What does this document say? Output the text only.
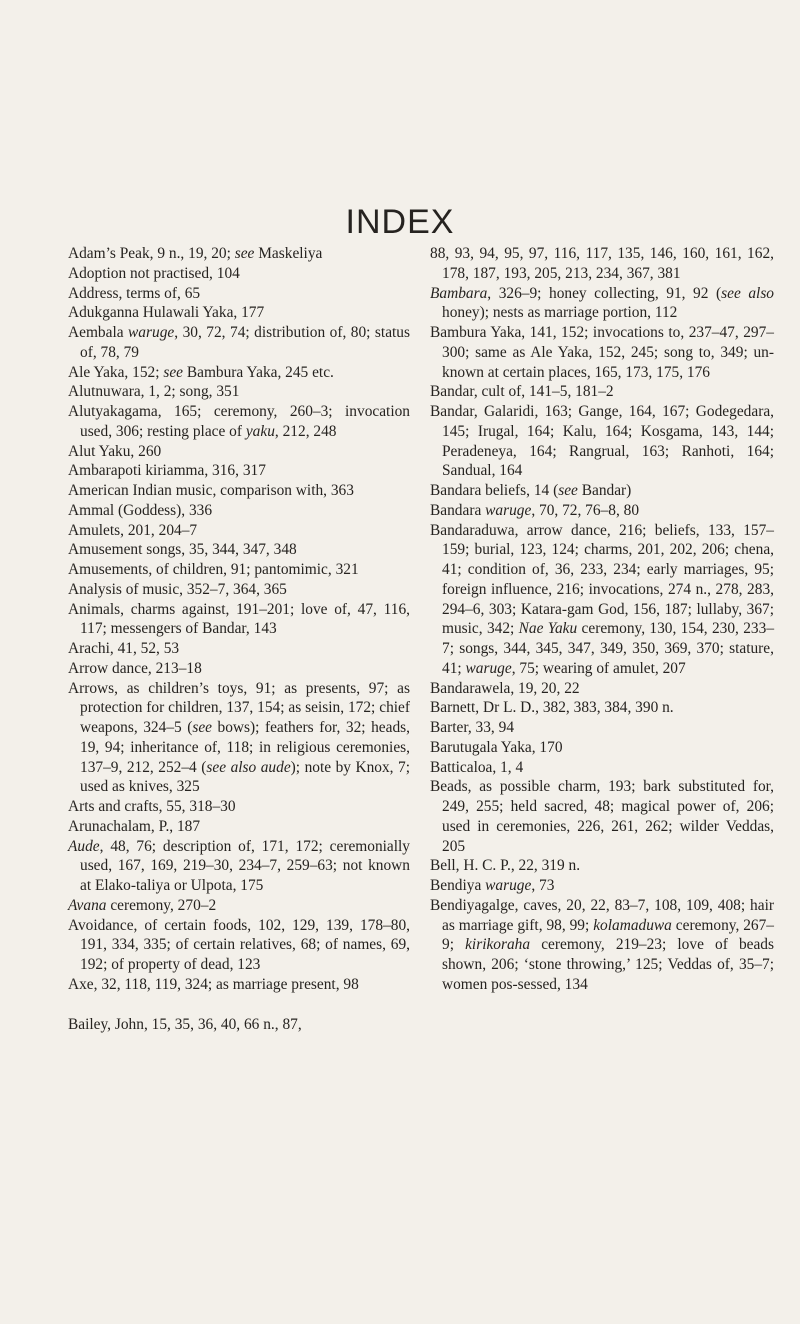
INDEX

Adam’s Peak, 9 n., 19, 20; see Maskeliya

Adoption not practised, 104

Address, terms of, 65

Adukganna Hulawali Yaka, 177

Aembala waruge, 30, 72, 74; distribution of, 80; status of, 78, 79

Ale Yaka, 152; see Bambura Yaka, 245 etc.

Alutnuwara, 1, 2; song, 351

Alutyakagama, 165; ceremony, 260–3; invocation used, 306; resting place of yaku, 212, 248

Alut Yaku, 260

Ambarapoti kiriamma, 316, 317

American Indian music, comparison with, 363

Ammal (Goddess), 336

Amulets, 201, 204–7

Amusement songs, 35, 344, 347, 348

Amusements, of children, 91; pantomimic, 321

Analysis of music, 352–7, 364, 365

Animals, charms against, 191–201; love of, 47, 116, 117; messengers of Bandar, 143

Arachi, 41, 52, 53

Arrow dance, 213–18

Arrows, as children’s toys, 91; as presents, 97; as protection for children, 137, 154; as seisin, 172; chief weapons, 324–5 (see bows); feathers for, 32; heads, 19, 94; inheritance of, 118; in religious ceremonies, 137–9, 212, 252–4 (see also aude); note by Knox, 7; used as knives, 325

Arts and crafts, 55, 318–30

Arunachalam, P., 187

Aude, 48, 76; description of, 171, 172; ceremonially used, 167, 169, 219–30, 234–7, 259–63; not known at Elako-taliya or Ulpota, 175

Avana ceremony, 270–2

Avoidance, of certain foods, 102, 129, 139, 178–80, 191, 334, 335; of certain relatives, 68; of names, 69, 192; of property of dead, 123

Axe, 32, 118, 119, 324; as marriage present, 98

Bailey, John, 15, 35, 36, 40, 66 n., 87,

88, 93, 94, 95, 97, 116, 117, 135, 146, 160, 161, 162, 178, 187, 193, 205, 213, 234, 367, 381

Bambara, 326–9; honey collecting, 91, 92 (see also honey); nests as marriage portion, 112

Bambura Yaka, 141, 152; invocations to, 237–47, 297–300; same as Ale Yaka, 152, 245; song to, 349; un-known at certain places, 165, 173, 175, 176

Bandar, cult of, 141–5, 181–2

Bandar, Galaridi, 163; Gange, 164, 167; Godegedara, 145; Irugal, 164; Kalu, 164; Kosgama, 143, 144; Peradeneya, 164; Rangrual, 163; Ranhoti, 164; Sandual, 164

Bandara beliefs, 14 (see Bandar)

Bandara waruge, 70, 72, 76–8, 80

Bandaraduwa, arrow dance, 216; beliefs, 133, 157–159; burial, 123, 124; charms, 201, 202, 206; chena, 41; condition of, 36, 233, 234; early marriages, 95; foreign influence, 216; invocations, 274 n., 278, 283, 294–6, 303; Katara-gam God, 156, 187; lullaby, 367; music, 342; Nae Yaku ceremony, 130, 154, 230, 233–7; songs, 344, 345, 347, 349, 350, 369, 370; stature, 41; waruge, 75; wearing of amulet, 207

Bandarawela, 19, 20, 22

Barnett, Dr L. D., 382, 383, 384, 390 n.

Barter, 33, 94

Barutugala Yaka, 170

Batticaloa, 1, 4

Beads, as possible charm, 193; bark substituted for, 249, 255; held sacred, 48; magical power of, 206; used in ceremonies, 226, 261, 262; wilder Veddas, 205

Bell, H. C. P., 22, 319 n.

Bendiya waruge, 73

Bendiyagalge, caves, 20, 22, 83–7, 108, 109, 408; hair as marriage gift, 98, 99; kolamaduwa ceremony, 267–9; kirikoraha ceremony, 219–23; love of beads shown, 206; ‘stone throwing,’ 125; Veddas of, 35–7; women pos-sessed, 134
